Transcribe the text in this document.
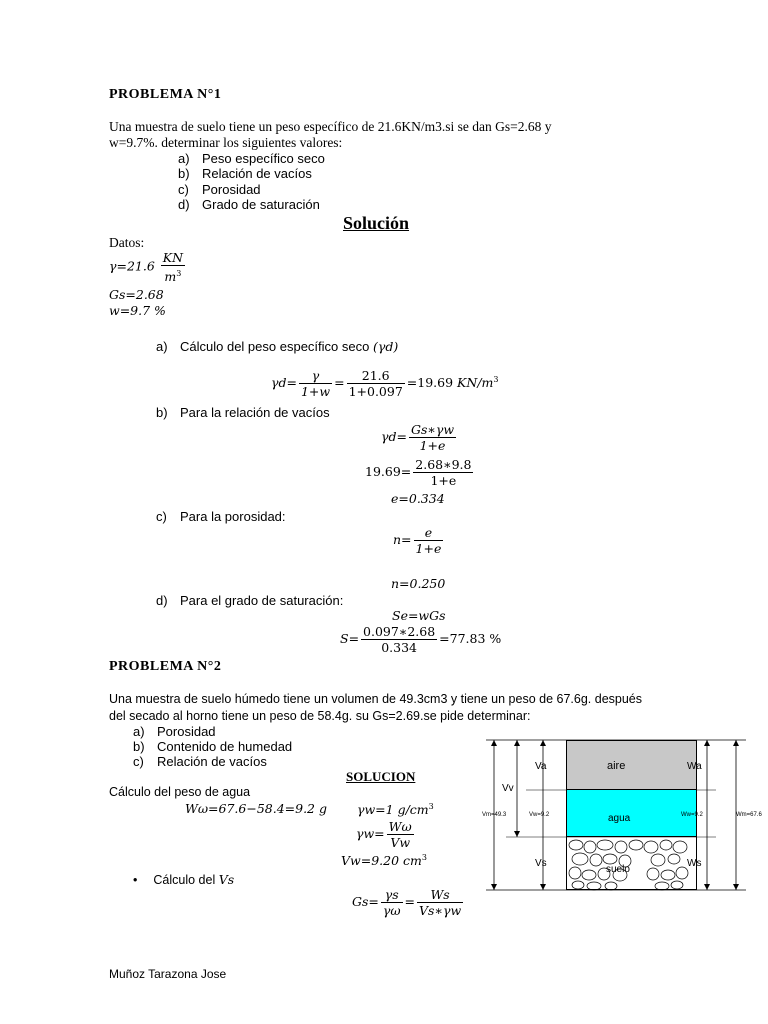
PROBLEMA N°1
Una muestra de suelo tiene un peso específico de 21.6KN/m3.si se dan Gs=2.68 y
w=9.7%. determinar los siguientes valores:
a) Peso específico seco
b) Relación de vacíos
c) Porosidad
d) Grado de saturación
Solución
Datos:
$\gamma=21.6 \frac{KN}{m^3}$
Gs=2.68
w=9.7 %
a) Cálculo del peso específico seco (γd)
$\gamma d= \frac{\gamma}{1+w} = \frac{21.6}{1+0.097} =19.69$ $KN/m^3$
b) Para la relación de vacíos
$\gamma d= \frac{Gs∗\gamma w}{1+e}$
$19.69= \frac{2.68∗9.8}{1+e}$
e=0.334
c) Para la porosidad:
$n= \frac{e}{1+e}$
n=0.250
d) Para el grado de saturación:
Se=wGs
$S= \frac{0.097∗2.68}{0.334} =77.83$ %
PROBLEMA N°2
Una muestra de suelo húmedo tiene un volumen de 49.3cm3 y tiene un peso de 67.6g. después
del secado al horno tiene un peso de 58.4g. su Gs=2.69.se pide determinar:
a) Porosidad
b) Contenido de humedad
c) Relación de vacíos
SOLUCION
Cálculo del peso de agua
Wω=67.6−58.4=9.2 g γw=1 $g/cm^3$
$\gamma w= \frac{W\omega}{Vw}$
Vw=9.20 $cm^3$
• Cálculo del Vs
$Gs= \frac{\gamma s}{\gamma\omega} = \frac{Ws}{Vs∗\gamma w}$
aire
agua
suelo
Va
Vw=9.2
Vs
Vv
Vm=49.3
Wa
Ww=9.2
Ws
Wm=67.6
Muñoz Tarazona Jose
